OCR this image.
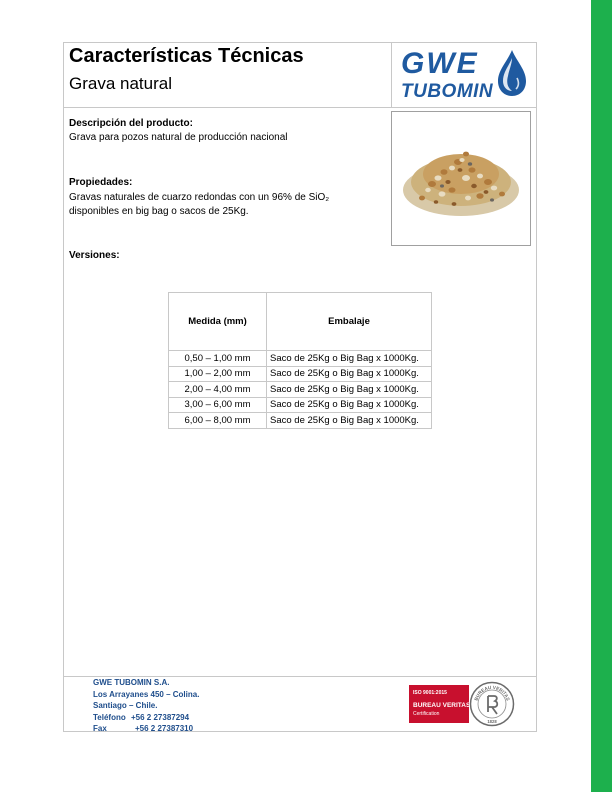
Características Técnicas
Grava natural
GWE
TUBOMIN
Descripción del producto:
Grava para pozos natural de producción nacional
Propiedades:
Gravas naturales de cuarzo redondas con un 96% de SiO₂
disponibles en big bag o sacos de 25Kg.
Versiones:
Medida (mm)	Embalaje
0,50 – 1,00 mm	Saco de 25Kg o Big Bag x 1000Kg.
1,00 – 2,00 mm	Saco de 25Kg o Big Bag x 1000Kg.
2,00 – 4,00 mm	Saco de 25Kg o Big Bag x 1000Kg.
3,00 – 6,00 mm	Saco de 25Kg o Big Bag x 1000Kg.
6,00 – 8,00 mm	Saco de 25Kg o Big Bag x 1000Kg.
GWE TUBOMIN S.A.
Los Arrayanes 450 – Colina.
Santiago – Chile.
Teléfono +56 2 27387294
Fax	+56 2 27387310
ISO 9001:2015
BUREAU VERITAS
Certification
BUREAU VERITAS
1828
